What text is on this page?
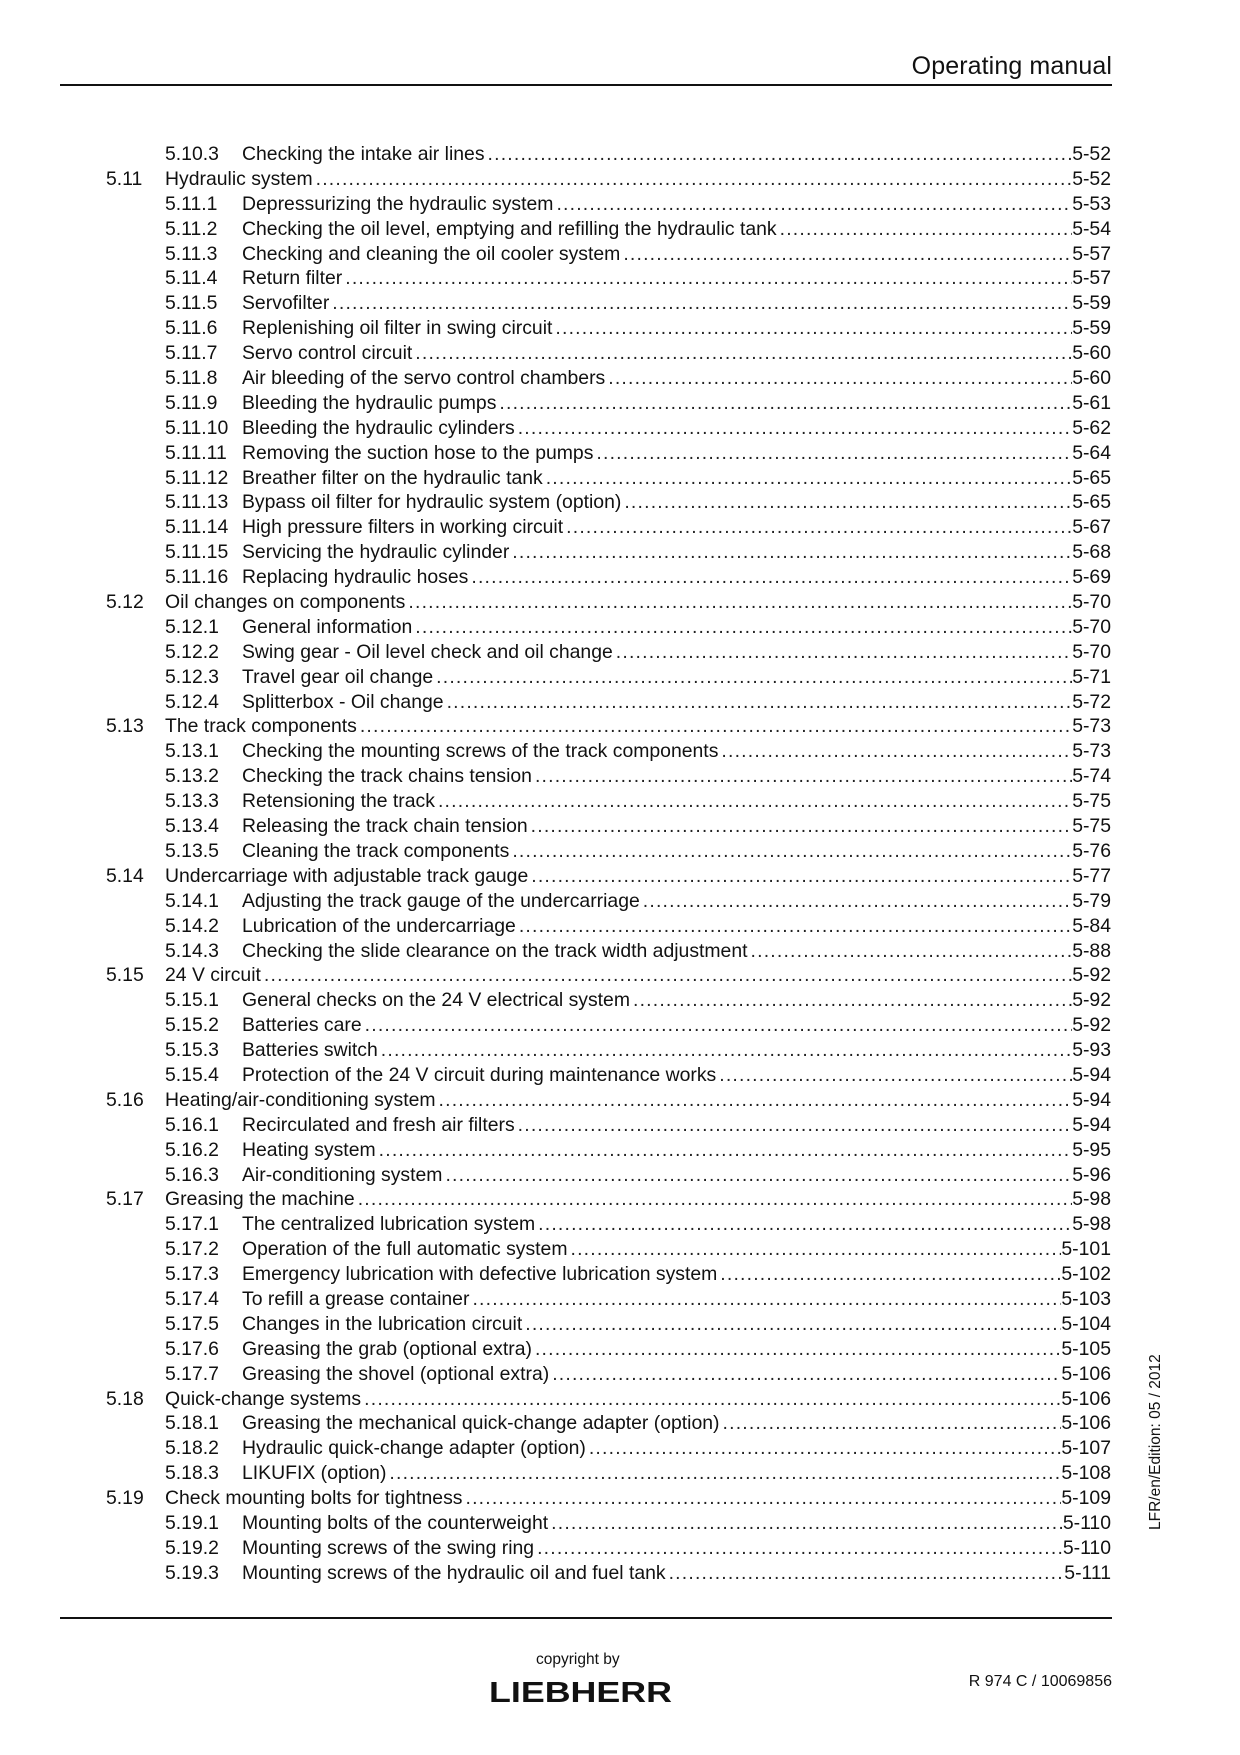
Operating manual
5.10.3	Checking the intake air lines .....	5-52
5.11 Hydraulic system .....	5-52
5.11.1	Depressurizing the hydraulic system .....	5-53
5.11.2	Checking the oil level, emptying and refilling the hydraulic tank .....	5-54
5.11.3	Checking and cleaning the oil cooler system .....	5-57
5.11.4	Return filter .....	5-57
5.11.5	Servofilter .....	5-59
5.11.6	Replenishing oil filter in swing circuit .....	5-59
5.11.7	Servo control circuit .....	5-60
5.11.8	Air bleeding of the servo control chambers .....	5-60
5.11.9	Bleeding the hydraulic pumps .....	5-61
5.11.10 Bleeding the hydraulic cylinders .....	5-62
5.11.11 Removing the suction hose to the pumps .....	5-64
5.11.12 Breather filter on the hydraulic tank .....	5-65
5.11.13 Bypass oil filter for hydraulic system (option) .....	5-65
5.11.14 High pressure filters in working circuit .....	5-67
5.11.15 Servicing the hydraulic cylinder .....	5-68
5.11.16 Replacing hydraulic hoses .....	5-69
5.12 Oil changes on components .....	5-70
5.12.1	General information .....	5-70
5.12.2	Swing gear - Oil level check and oil change .....	5-70
5.12.3	Travel gear oil change .....	5-71
5.12.4	Splitterbox - Oil change .....	5-72
5.13 The track components .....	5-73
5.13.1	Checking the mounting screws of the track components .....	5-73
5.13.2	Checking the track chains tension .....	5-74
5.13.3	Retensioning the track .....	5-75
5.13.4	Releasing the track chain tension .....	5-75
5.13.5	Cleaning the track components .....	5-76
5.14 Undercarriage with adjustable track gauge .....	5-77
5.14.1	Adjusting the track gauge of the undercarriage .....	5-79
5.14.2	Lubrication of the undercarriage .....	5-84
5.14.3	Checking the slide clearance on the track width adjustment .....	5-88
5.15 24 V circuit .....	5-92
5.15.1	General checks on the 24 V electrical system .....	5-92
5.15.2	Batteries care .....	5-92
5.15.3	Batteries switch .....	5-93
5.15.4	Protection of the 24 V circuit during maintenance works .....	5-94
5.16 Heating/air-conditioning system .....	5-94
5.16.1	Recirculated and fresh air filters .....	5-94
5.16.2	Heating system .....	5-95
5.16.3	Air-conditioning system .....	5-96
5.17 Greasing the machine .....	5-98
5.17.1	The centralized lubrication system .....	5-98
5.17.2	Operation of the full automatic system .....	5-101
5.17.3	Emergency lubrication with defective lubrication system .....	5-102
5.17.4	To refill a grease container .....	5-103
5.17.5	Changes in the lubrication circuit .....	5-104
5.17.6	Greasing the grab (optional extra) .....	5-105
5.17.7	Greasing the shovel (optional extra) .....	5-106
5.18 Quick-change systems .....	5-106
5.18.1	Greasing the mechanical quick-change adapter (option) .....	5-106
5.18.2	Hydraulic quick-change adapter (option) .....	5-107
5.18.3	LIKUFIX (option) .....	5-108
5.19 Check mounting bolts for tightness .....	5-109
5.19.1	Mounting bolts of the counterweight .....	5-110
5.19.2	Mounting screws of the swing ring .....	5-110
5.19.3	Mounting screws of the hydraulic oil and fuel tank .....	5-111
LFR/en/Edition: 05 / 2012
copyright by
LIEBHERR	R 974 C / 10069856
